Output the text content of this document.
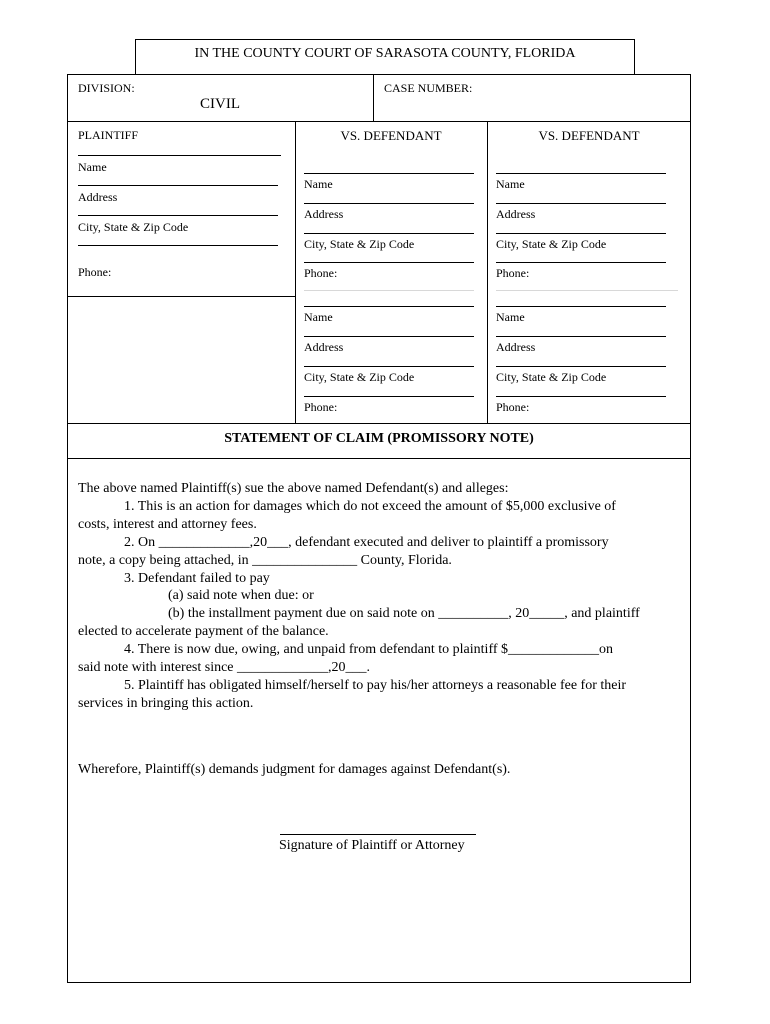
IN THE COUNTY COURT OF SARASOTA COUNTY, FLORIDA
DIVISION:
CIVIL
CASE NUMBER:
PLAINTIFF
Name
Address
City, State & Zip Code
Phone:
VS. DEFENDANT
Name
Address
City, State & Zip Code
Phone:
Name
Address
City, State & Zip Code
Phone:
VS. DEFENDANT
Name
Address
City, State & Zip Code
Phone:
Name
Address
City, State & Zip Code
Phone:
STATEMENT OF CLAIM (PROMISSORY NOTE)
The above named Plaintiff(s) sue the above named Defendant(s) and alleges:
1. This is an action for damages which do not exceed the amount of $5,000 exclusive of
costs, interest and attorney fees.
2. On _____________,20___, defendant executed and deliver to plaintiff a promissory
note, a copy being attached, in _______________ County, Florida.
3. Defendant failed to pay
(a) said note when due: or
(b) the installment payment due on said note on __________, 20_____, and plaintiff
elected to accelerate payment of the balance.
4. There is now due, owing, and unpaid from defendant to plaintiff $_____________on
said note with interest since _____________,20___.
5. Plaintiff has obligated himself/herself to pay his/her attorneys a reasonable fee for their
services in bringing this action.
Wherefore, Plaintiff(s) demands judgment for damages against Defendant(s).
Signature of Plaintiff or Attorney
